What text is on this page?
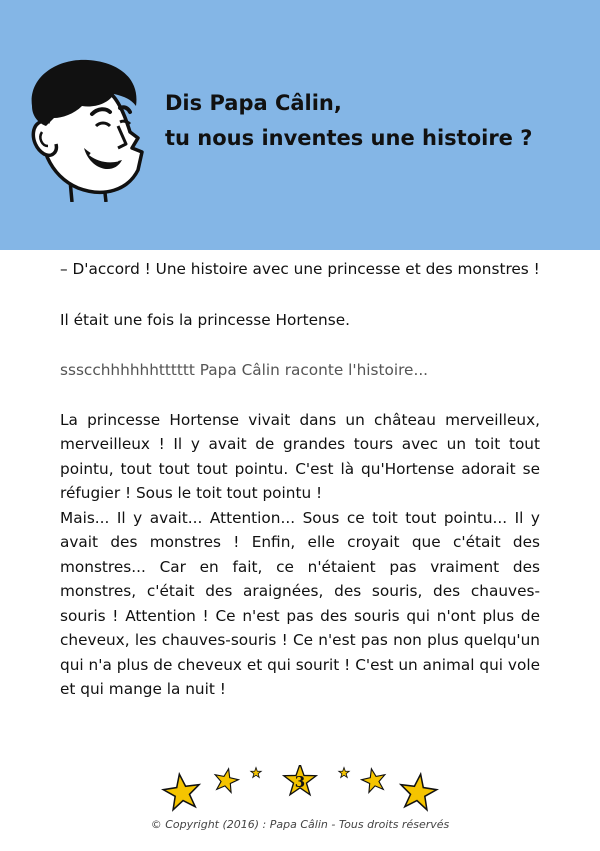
Dis Papa Câlin,
tu nous inventes une histoire ?

– D'accord ! Une histoire avec une princesse et des monstres !

Il était une fois la princesse Hortense.

ssscchhhhhhtttttt Papa Câlin raconte l'histoire...

La princesse Hortense vivait dans un château merveilleux, merveilleux ! Il y avait de grandes tours avec un toit tout pointu, tout tout tout pointu. C'est là qu'Hortense adorait se réfugier ! Sous le toit tout pointu !

Mais... Il y avait... Attention... Sous ce toit tout pointu... Il y avait des monstres ! Enfin, elle croyait que c'était des monstres... Car en fait, ce n'étaient pas vraiment des monstres, c'était des araignées, des souris, des chauves-souris ! Attention ! Ce n'est pas des souris qui n'ont plus de cheveux, les chauves-souris ! Ce n'est pas non plus quelqu'un qui n'a plus de cheveux et qui sourit ! C'est un animal qui vole et qui mange la nuit !

3
© Copyright (2016) : Papa Câlin - Tous droits réservés
